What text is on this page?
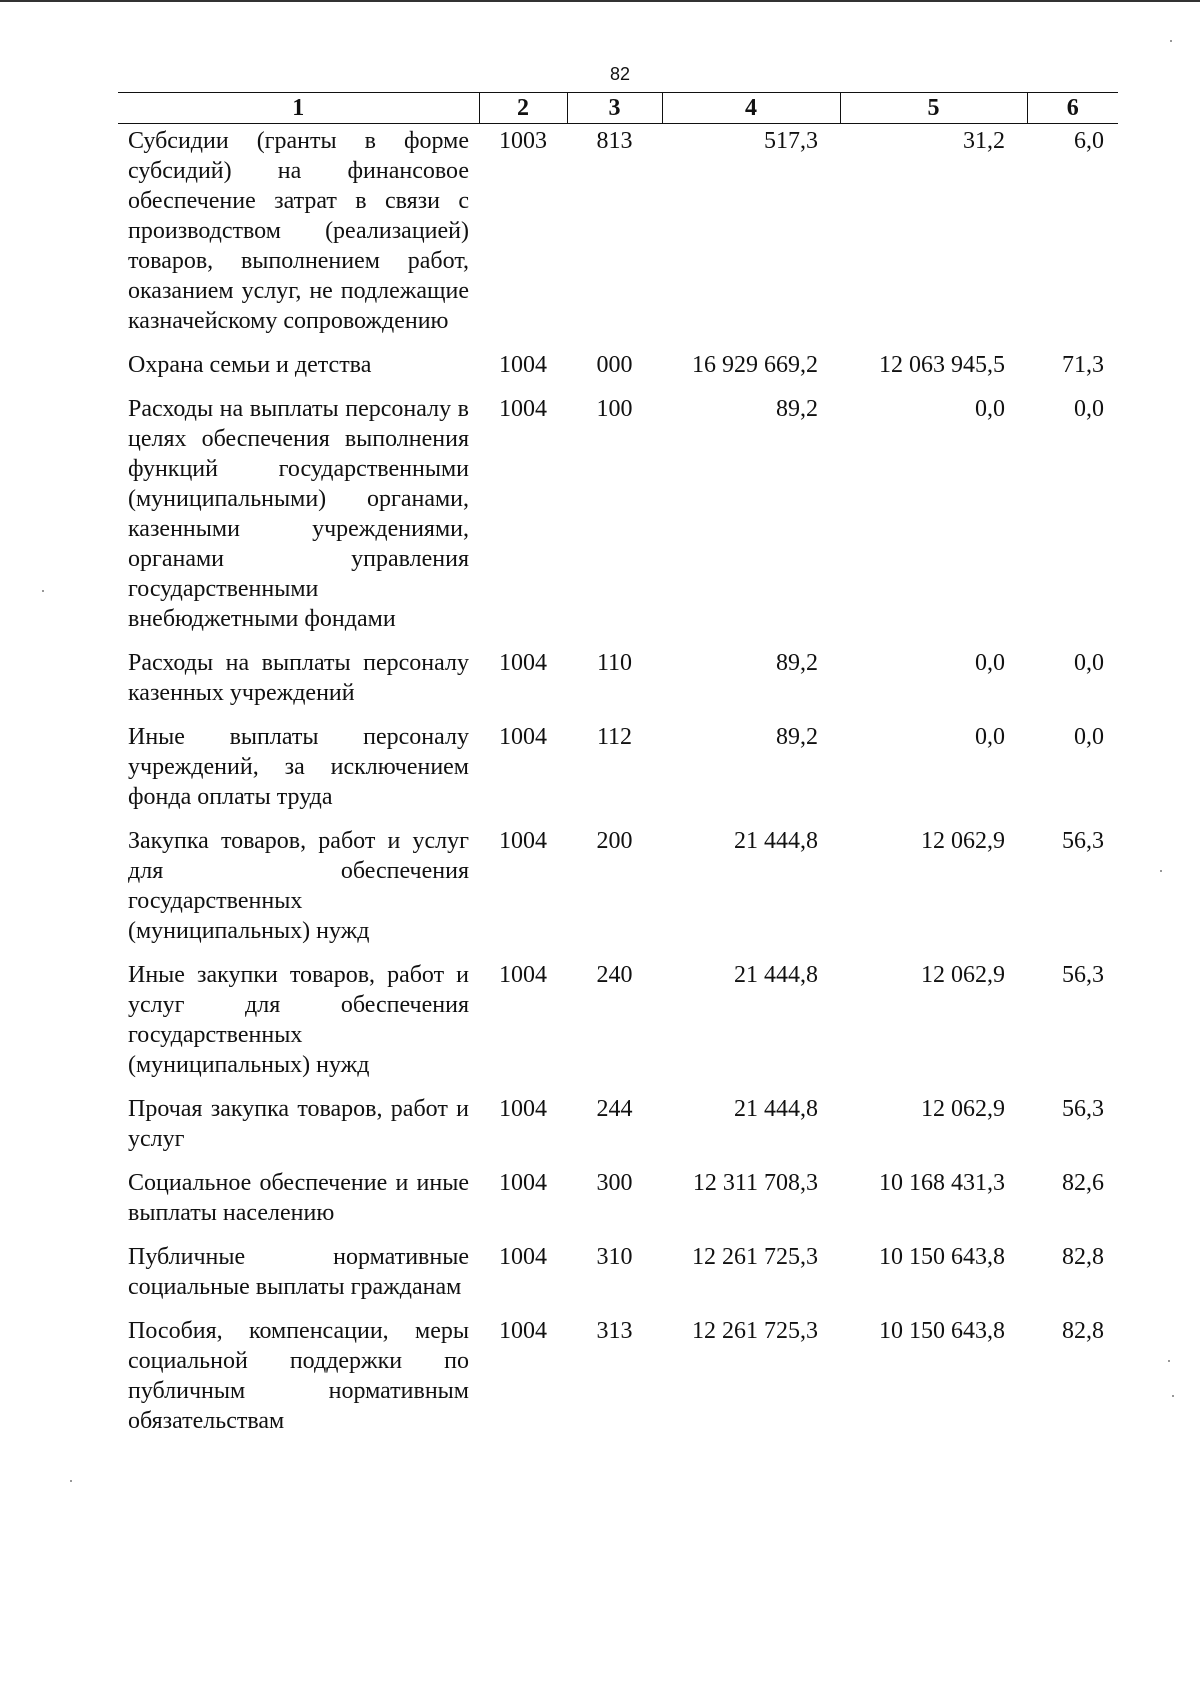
82
1	2	3	4	5	6
Субсидии (гранты в форме субсидий) на финансовое обеспечение затрат в связи с производством (реализацией) товаров, выполнением работ, оказанием услуг, не подлежащие казначейскому сопровождению	1003	813	517,3	31,2	6,0
Охрана семьи и детства	1004	000	16 929 669,2	12 063 945,5	71,3
Расходы на выплаты персоналу в целях обеспечения выполнения функций государственными (муниципальными) органами, казенными учреждениями, органами управления государственными внебюджетными фондами	1004	100	89,2	0,0	0,0
Расходы на выплаты персоналу казенных учреждений	1004	110	89,2	0,0	0,0
Иные выплаты персоналу учреждений, за исключением фонда оплаты труда	1004	112	89,2	0,0	0,0
Закупка товаров, работ и услуг для обеспечения государственных (муниципальных) нужд	1004	200	21 444,8	12 062,9	56,3
Иные закупки товаров, работ и услуг для обеспечения государственных (муниципальных) нужд	1004	240	21 444,8	12 062,9	56,3
Прочая закупка товаров, работ и услуг	1004	244	21 444,8	12 062,9	56,3
Социальное обеспечение и иные выплаты населению	1004	300	12 311 708,3	10 168 431,3	82,6
Публичные нормативные социальные выплаты гражданам	1004	310	12 261 725,3	10 150 643,8	82,8
Пособия, компенсации, меры социальной поддержки по публичным нормативным обязательствам	1004	313	12 261 725,3	10 150 643,8	82,8
